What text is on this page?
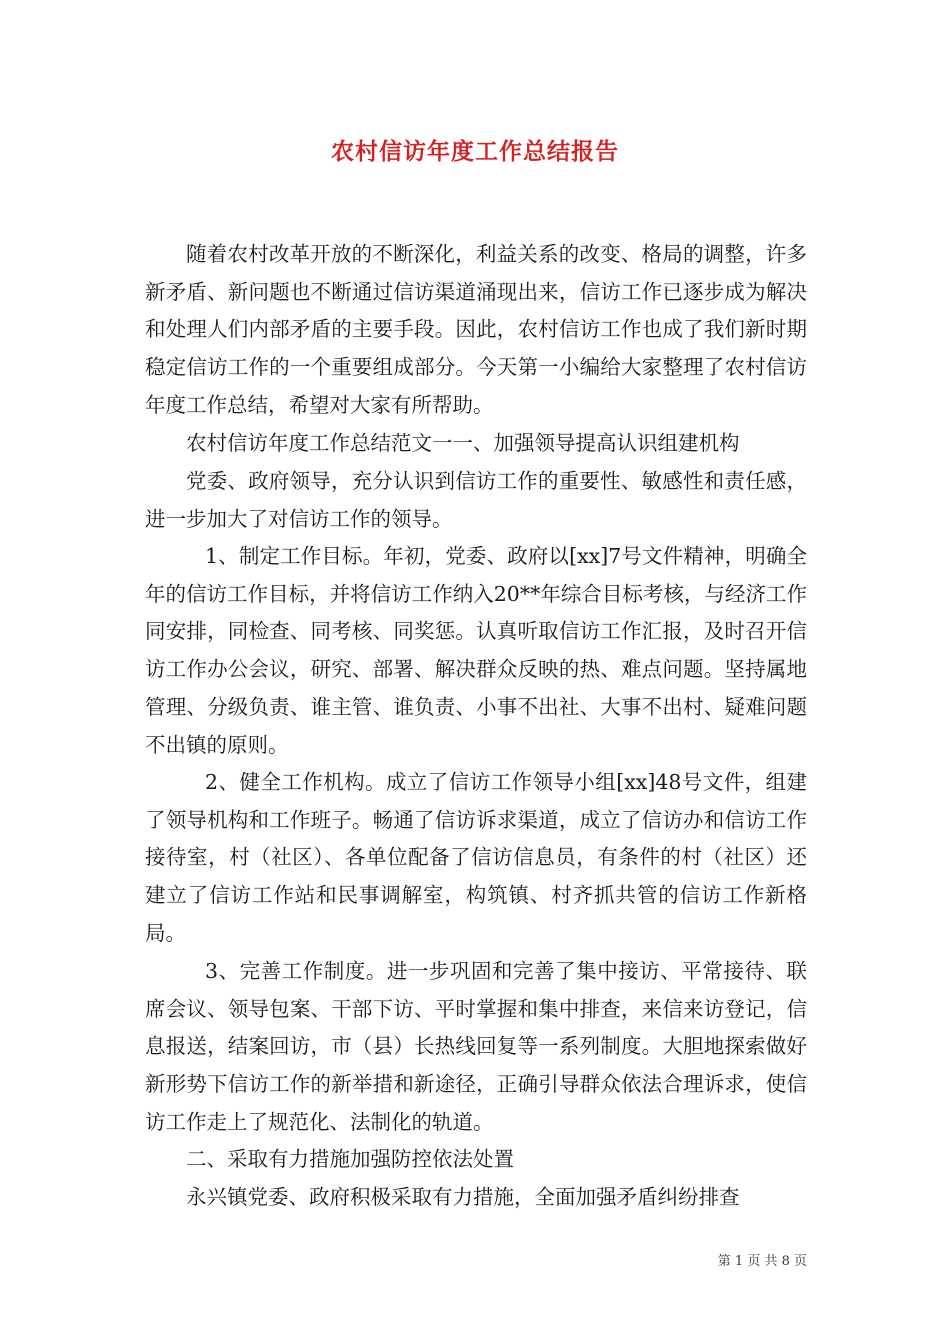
农村信访年度工作总结报告

随着农村改革开放的不断深化，利益关系的改变、格局的调整，许多新矛盾、新问题也不断通过信访渠道涌现出来，信访工作已逐步成为解决和处理人们内部矛盾的主要手段。因此，农村信访工作也成了我们新时期稳定信访工作的一个重要组成部分。今天第一小编给大家整理了农村信访年度工作总结，希望对大家有所帮助。

农村信访年度工作总结范文一一、加强领导提高认识组建机构

党委、政府领导，充分认识到信访工作的重要性、敏感性和责任感，进一步加大了对信访工作的领导。

1、制定工作目标。年初，党委、政府以[xx]7号文件精神，明确全年的信访工作目标，并将信访工作纳入20**年综合目标考核，与经济工作同安排，同检查、同考核、同奖惩。认真听取信访工作汇报，及时召开信访工作办公会议，研究、部署、解决群众反映的热、难点问题。坚持属地管理、分级负责、谁主管、谁负责、小事不出社、大事不出村、疑难问题不出镇的原则。

2、健全工作机构。成立了信访工作领导小组[xx]48号文件，组建了领导机构和工作班子。畅通了信访诉求渠道，成立了信访办和信访工作接待室，村（社区）、各单位配备了信访信息员，有条件的村（社区）还建立了信访工作站和民事调解室，构筑镇、村齐抓共管的信访工作新格局。

3、完善工作制度。进一步巩固和完善了集中接访、平常接待、联席会议、领导包案、干部下访、平时掌握和集中排查，来信来访登记，信息报送，结案回访，市（县）长热线回复等一系列制度。大胆地探索做好新形势下信访工作的新举措和新途径，正确引导群众依法合理诉求，使信访工作走上了规范化、法制化的轨道。

二、采取有力措施加强防控依法处置

永兴镇党委、政府积极采取有力措施，全面加强矛盾纠纷排查

第 1 页 共 8 页
